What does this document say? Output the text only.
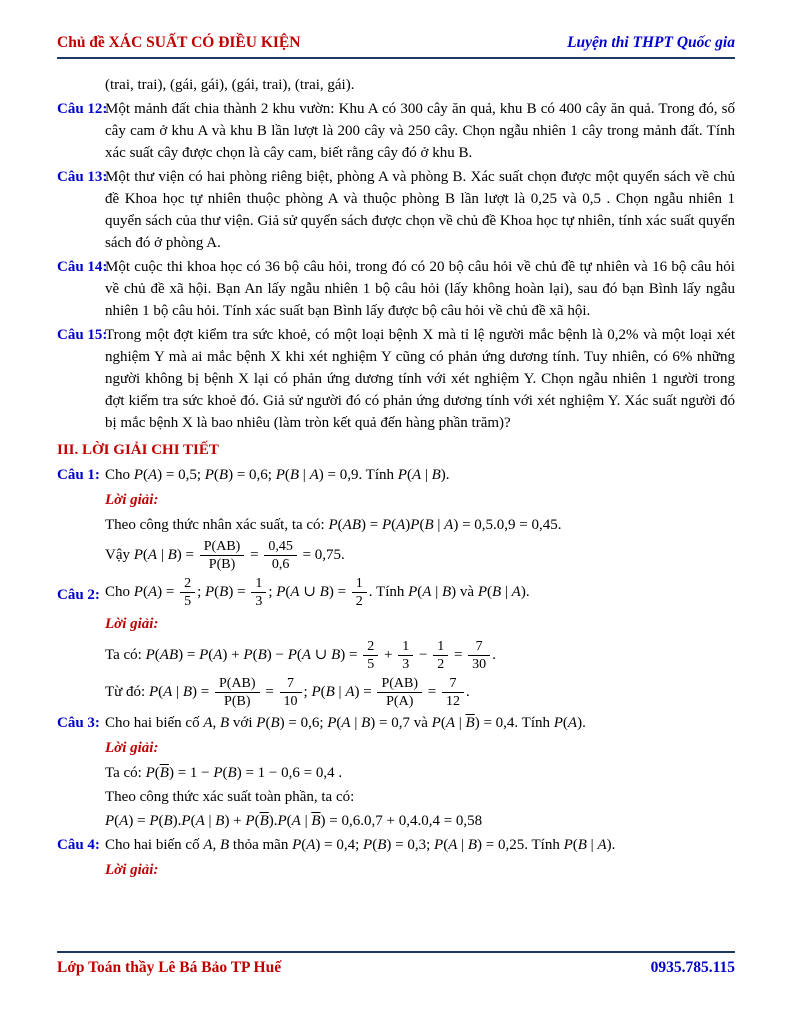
Chủ đề XÁC SUẤT CÓ ĐIỀU KIỆN	Luyện thi THPT Quốc gia
(trai, trai), (gái, gái), (gái, trai), (trai, gái).
Câu 12:
Một mảnh đất chia thành 2 khu vườn: Khu A có 300 cây ăn quả, khu B có 400 cây ăn quả. Trong đó, số cây cam ở khu A và khu B lần lượt là 200 cây và 250 cây. Chọn ngẫu nhiên 1 cây trong mảnh đất. Tính xác suất cây được chọn là cây cam, biết rằng cây đó ở khu B.
Câu 13:
Một thư viện có hai phòng riêng biệt, phòng A và phòng B. Xác suất chọn được một quyển sách về chủ đề Khoa học tự nhiên thuộc phòng A và thuộc phòng B lần lượt là 0,25 và 0,5 . Chọn ngẫu nhiên 1 quyển sách của thư viện. Giả sử quyển sách được chọn về chủ đề Khoa học tự nhiên, tính xác suất quyển sách đó ở phòng A.
Câu 14:
Một cuộc thi khoa học có 36 bộ câu hỏi, trong đó có 20 bộ câu hỏi về chủ đề tự nhiên và 16 bộ câu hỏi về chủ đề xã hội. Bạn An lấy ngẫu nhiên 1 bộ câu hỏi (lấy không hoàn lại), sau đó bạn Bình lấy ngẫu nhiên 1 bộ câu hỏi. Tính xác suất bạn Bình lấy được bộ câu hỏi về chủ đề xã hội.
Câu 15:
Trong một đợt kiểm tra sức khoẻ, có một loại bệnh X mà tỉ lệ người mắc bệnh là 0,2% và một loại xét nghiệm Y mà ai mắc bệnh X khi xét nghiệm Y cũng có phản ứng dương tính. Tuy nhiên, có 6% những người không bị bệnh X lại có phản ứng dương tính với xét nghiệm Y. Chọn ngẫu nhiên 1 người trong đợt kiểm tra sức khoẻ đó. Giả sử người đó có phản ứng dương tính với xét nghiệm Y. Xác suất người đó bị mắc bệnh X là bao nhiêu (làm tròn kết quả đến hàng phần trăm)?
III. LỜI GIẢI CHI TIẾT
Câu 1: Cho P(A) = 0,5; P(B) = 0,6; P(B | A) = 0,9. Tính P(A | B).
Lời giải:
Theo công thức nhân xác suất, ta có: P(AB) = P(A)P(B | A) = 0,5.0,9 = 0,45.
Vậy P(A | $B) = \frac{P(AB)}{P(B)} = \frac{0,45}{0,6} = 0,75$.
Câu 2: Cho $P(A) = \frac{2}{5}$ ; $P(B) = \frac{1}{3}$ ; P(A ∪ $B) = \frac{1}{2}$ . Tính P(A | B) và P(B | A).
Lời giải:
Ta có: P(AB) = P(A) + P(B) − P(A ∪ $B) = \frac{2}{5} + \frac{1}{3} - \frac{1}{2} = \frac{7}{30}$ .
Từ đó: P(A | $B) = \frac{P(AB)}{P(B)} = \frac{7}{10}$ ; P(B | $A) = \frac{P(AB)}{P(A)} = \frac{7}{12}$ .
Câu 3: Cho hai biến cố A, B với P(B) = 0,6; P(A | B) = 0,7 và P(A | $\overline{B}) = 0,4$. Tính P(A).
Lời giải:
Ta có: $P(\overline{B}) = 1 - P(B) = 1 - 0,6 = 0,4$ .
Theo công thức xác suất toàn phần, ta có:
P(A) = P(B).P(A | $B) + P(\overline{B}).P(A$ | $\overline{B}) = 0,6.0,7 + 0,4.0,4 = 0,58$
Câu 4: Cho hai biến cố A, B thỏa mãn P(A) = 0,4; P(B) = 0,3; P(A | B) = 0,25. Tính P(B | A).
Lời giải:
Lớp Toán thầy Lê Bá Bảo TP Huế	0935.785.115
